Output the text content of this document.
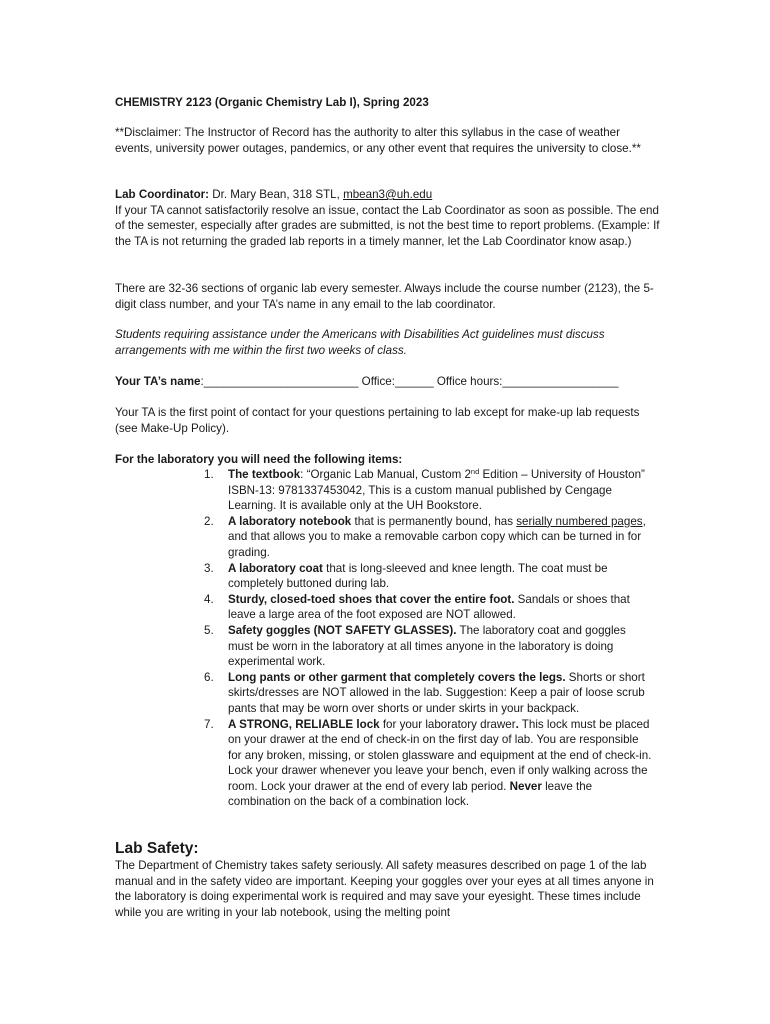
CHEMISTRY 2123 (Organic Chemistry Lab I), Spring 2023

**Disclaimer: The Instructor of Record has the authority to alter this syllabus in the case of weather events, university power outages, pandemics, or any other event that requires the university to close.**

Lab Coordinator: Dr. Mary Bean, 318 STL, mbean3@uh.edu

If your TA cannot satisfactorily resolve an issue, contact the Lab Coordinator as soon as possible. The end of the semester, especially after grades are submitted, is not the best time to report problems. (Example: If the TA is not returning the graded lab reports in a timely manner, let the Lab Coordinator know asap.)

There are 32-36 sections of organic lab every semester. Always include the course number (2123), the 5-digit class number, and your TA’s name in any email to the lab coordinator.

Students requiring assistance under the Americans with Disabilities Act guidelines must discuss arrangements with me within the first two weeks of class.

Your TA’s name:________________________ Office:______ Office hours:__________________

Your TA is the first point of contact for your questions pertaining to lab except for make-up lab requests (see Make-Up Policy).

For the laboratory you will need the following items:

1. The textbook: “Organic Lab Manual, Custom 2nd Edition – University of Houston” ISBN-13: 9781337453042, This is a custom manual published by Cengage Learning. It is available only at the UH Bookstore.
2. A laboratory notebook that is permanently bound, has serially numbered pages, and that allows you to make a removable carbon copy which can be turned in for grading.
3. A laboratory coat that is long-sleeved and knee length. The coat must be completely buttoned during lab.
4. Sturdy, closed-toed shoes that cover the entire foot. Sandals or shoes that leave a large area of the foot exposed are NOT allowed.
5. Safety goggles (NOT SAFETY GLASSES). The laboratory coat and goggles must be worn in the laboratory at all times anyone in the laboratory is doing experimental work.
6. Long pants or other garment that completely covers the legs. Shorts or short skirts/dresses are NOT allowed in the lab. Suggestion: Keep a pair of loose scrub pants that may be worn over shorts or under skirts in your backpack.
7. A STRONG, RELIABLE lock for your laboratory drawer. This lock must be placed on your drawer at the end of check-in on the first day of lab. You are responsible for any broken, missing, or stolen glassware and equipment at the end of check-in. Lock your drawer whenever you leave your bench, even if only walking across the room. Lock your drawer at the end of every lab period. Never leave the combination on the back of a combination lock.

Lab Safety:

The Department of Chemistry takes safety seriously. All safety measures described on page 1 of the lab manual and in the safety video are important. Keeping your goggles over your eyes at all times anyone in the laboratory is doing experimental work is required and may save your eyesight. These times include while you are writing in your lab notebook, using the melting point
